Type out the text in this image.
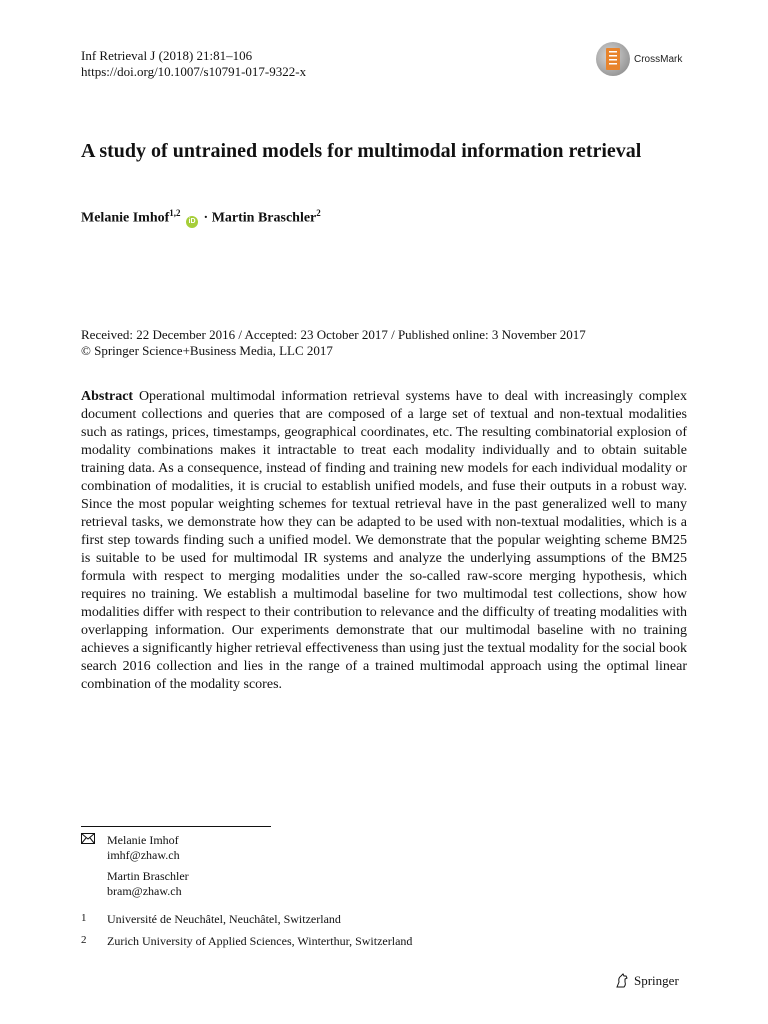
Inf Retrieval J (2018) 21:81–106
https://doi.org/10.1007/s10791-017-9322-x
CrossMark
A study of untrained models for multimodal information retrieval
Melanie Imhof$^{1,2}$ iD · Martin Braschler$^2$
Received: 22 December 2016 / Accepted: 23 October 2017 / Published online: 3 November 2017
© Springer Science+Business Media, LLC 2017

Abstract Operational multimodal information retrieval systems have to deal with increasingly complex document collections and queries that are composed of a large set of textual and non-textual modalities such as ratings, prices, timestamps, geographical coordinates, etc. The resulting combinatorial explosion of modality combinations makes it intractable to treat each modality individually and to obtain suitable training data. As a consequence, instead of finding and training new models for each individual modality or combination of modalities, it is crucial to establish unified models, and fuse their outputs in a robust way. Since the most popular weighting schemes for textual retrieval have in the past generalized well to many retrieval tasks, we demonstrate how they can be adapted to be used with non-textual modalities, which is a first step towards finding such a unified model. We demonstrate that the popular weighting scheme BM25 is suitable to be used for multimodal IR systems and analyze the underlying assumptions of the BM25 formula with respect to merging modalities under the so-called raw-score merging hypothesis, which requires no training. We establish a multimodal baseline for two multimodal test collections, show how modalities differ with respect to their contribution to relevance and the difficulty of treating modalities with overlapping information. Our experiments demonstrate that our multimodal baseline with no training achieves a significantly higher retrieval effectiveness than using just the textual modality for the social book search 2016 collection and lies in the range of a trained multimodal approach using the optimal linear combination of the modality scores.

Melanie Imhof
imhf@zhaw.ch
Martin Braschler
bram@zhaw.ch
1 Université de Neuchâtel, Neuchâtel, Switzerland
2 Zurich University of Applied Sciences, Winterthur, Switzerland
Springer
